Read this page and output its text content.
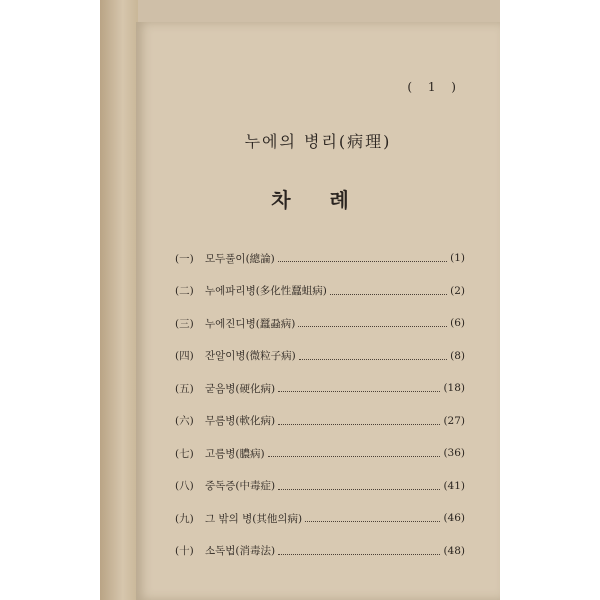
( 1 )
누에의 병리(病理)
차 례
(一)	모두풀이(總論)	(1)
(二)	누에파리병(多化性蠶蛆病)	(2)
(三)	누에진디병(蠶蝨病)	(6)
(四)	잔알이병(微粒子病)	(8)
(五)	굳음병(硬化病)	(18)
(六)	무름병(軟化病)	(27)
(七)	고름병(膿病)	(36)
(八)	중독증(中毒症)	(41)
(九)	그 밖의 병(其他의病)	(46)
(十)	소독법(消毒法)	(48)
